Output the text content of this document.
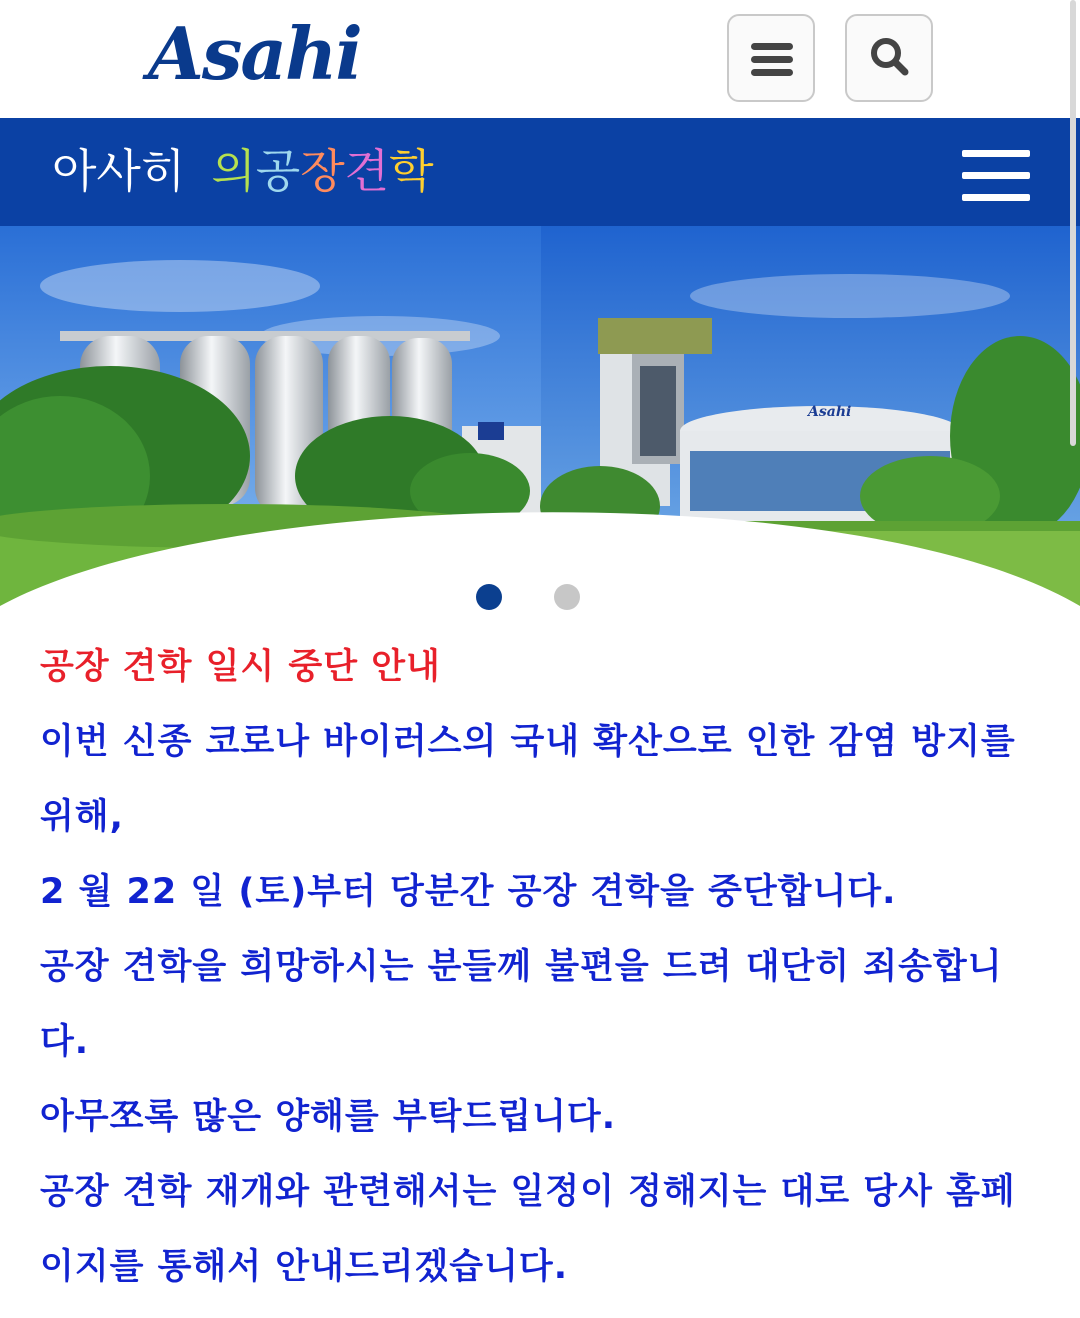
Asahi
아사히 의공장견학
Asahi
공장 견학 일시 중단 안내
이번 신종 코로나 바이러스의 국내 확산으로 인한 감염 방지를
위해,
2 월 22 일 (토)부터 당분간 공장 견학을 중단합니다.
공장 견학을 희망하시는 분들께 불편을 드려 대단히 죄송합니
다.
아무쪼록 많은 양해를 부탁드립니다.
공장 견학 재개와 관련해서는 일정이 정해지는 대로 당사 홈페
이지를 통해서 안내드리겠습니다.
